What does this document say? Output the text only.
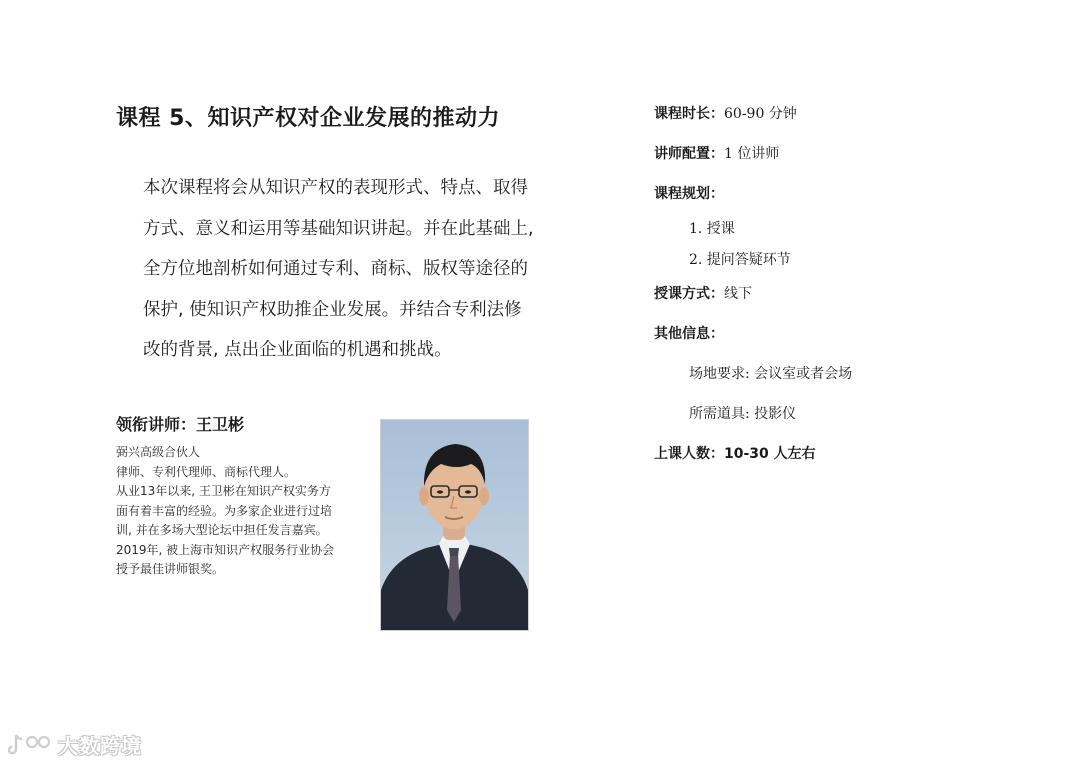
课程 5、知识产权对企业发展的推动力

本次课程将会从知识产权的表现形式、特点、取得
方式、意义和运用等基础知识讲起。并在此基础上,
全方位地剖析如何通过专利、商标、版权等途径的
保护, 使知识产权助推企业发展。并结合专利法修
改的背景, 点出企业面临的机遇和挑战。

领衔讲师：王卫彬

弼兴高级合伙人
律师、专利代理师、商标代理人。
从业13年以来, 王卫彬在知识产权实务方
面有着丰富的经验。为多家企业进行过培
训, 并在多场大型论坛中担任发言嘉宾。
2019年, 被上海市知识产权服务行业协会
授予最佳讲师银奖。

课程时长：60-90 分钟
讲师配置：1 位讲师
课程规划：
1. 授课
2. 提问答疑环节
授课方式：线下
其他信息：
场地要求: 会议室或者会场
所需道具: 投影仪
上课人数：10-30 人左右
大数跨境
